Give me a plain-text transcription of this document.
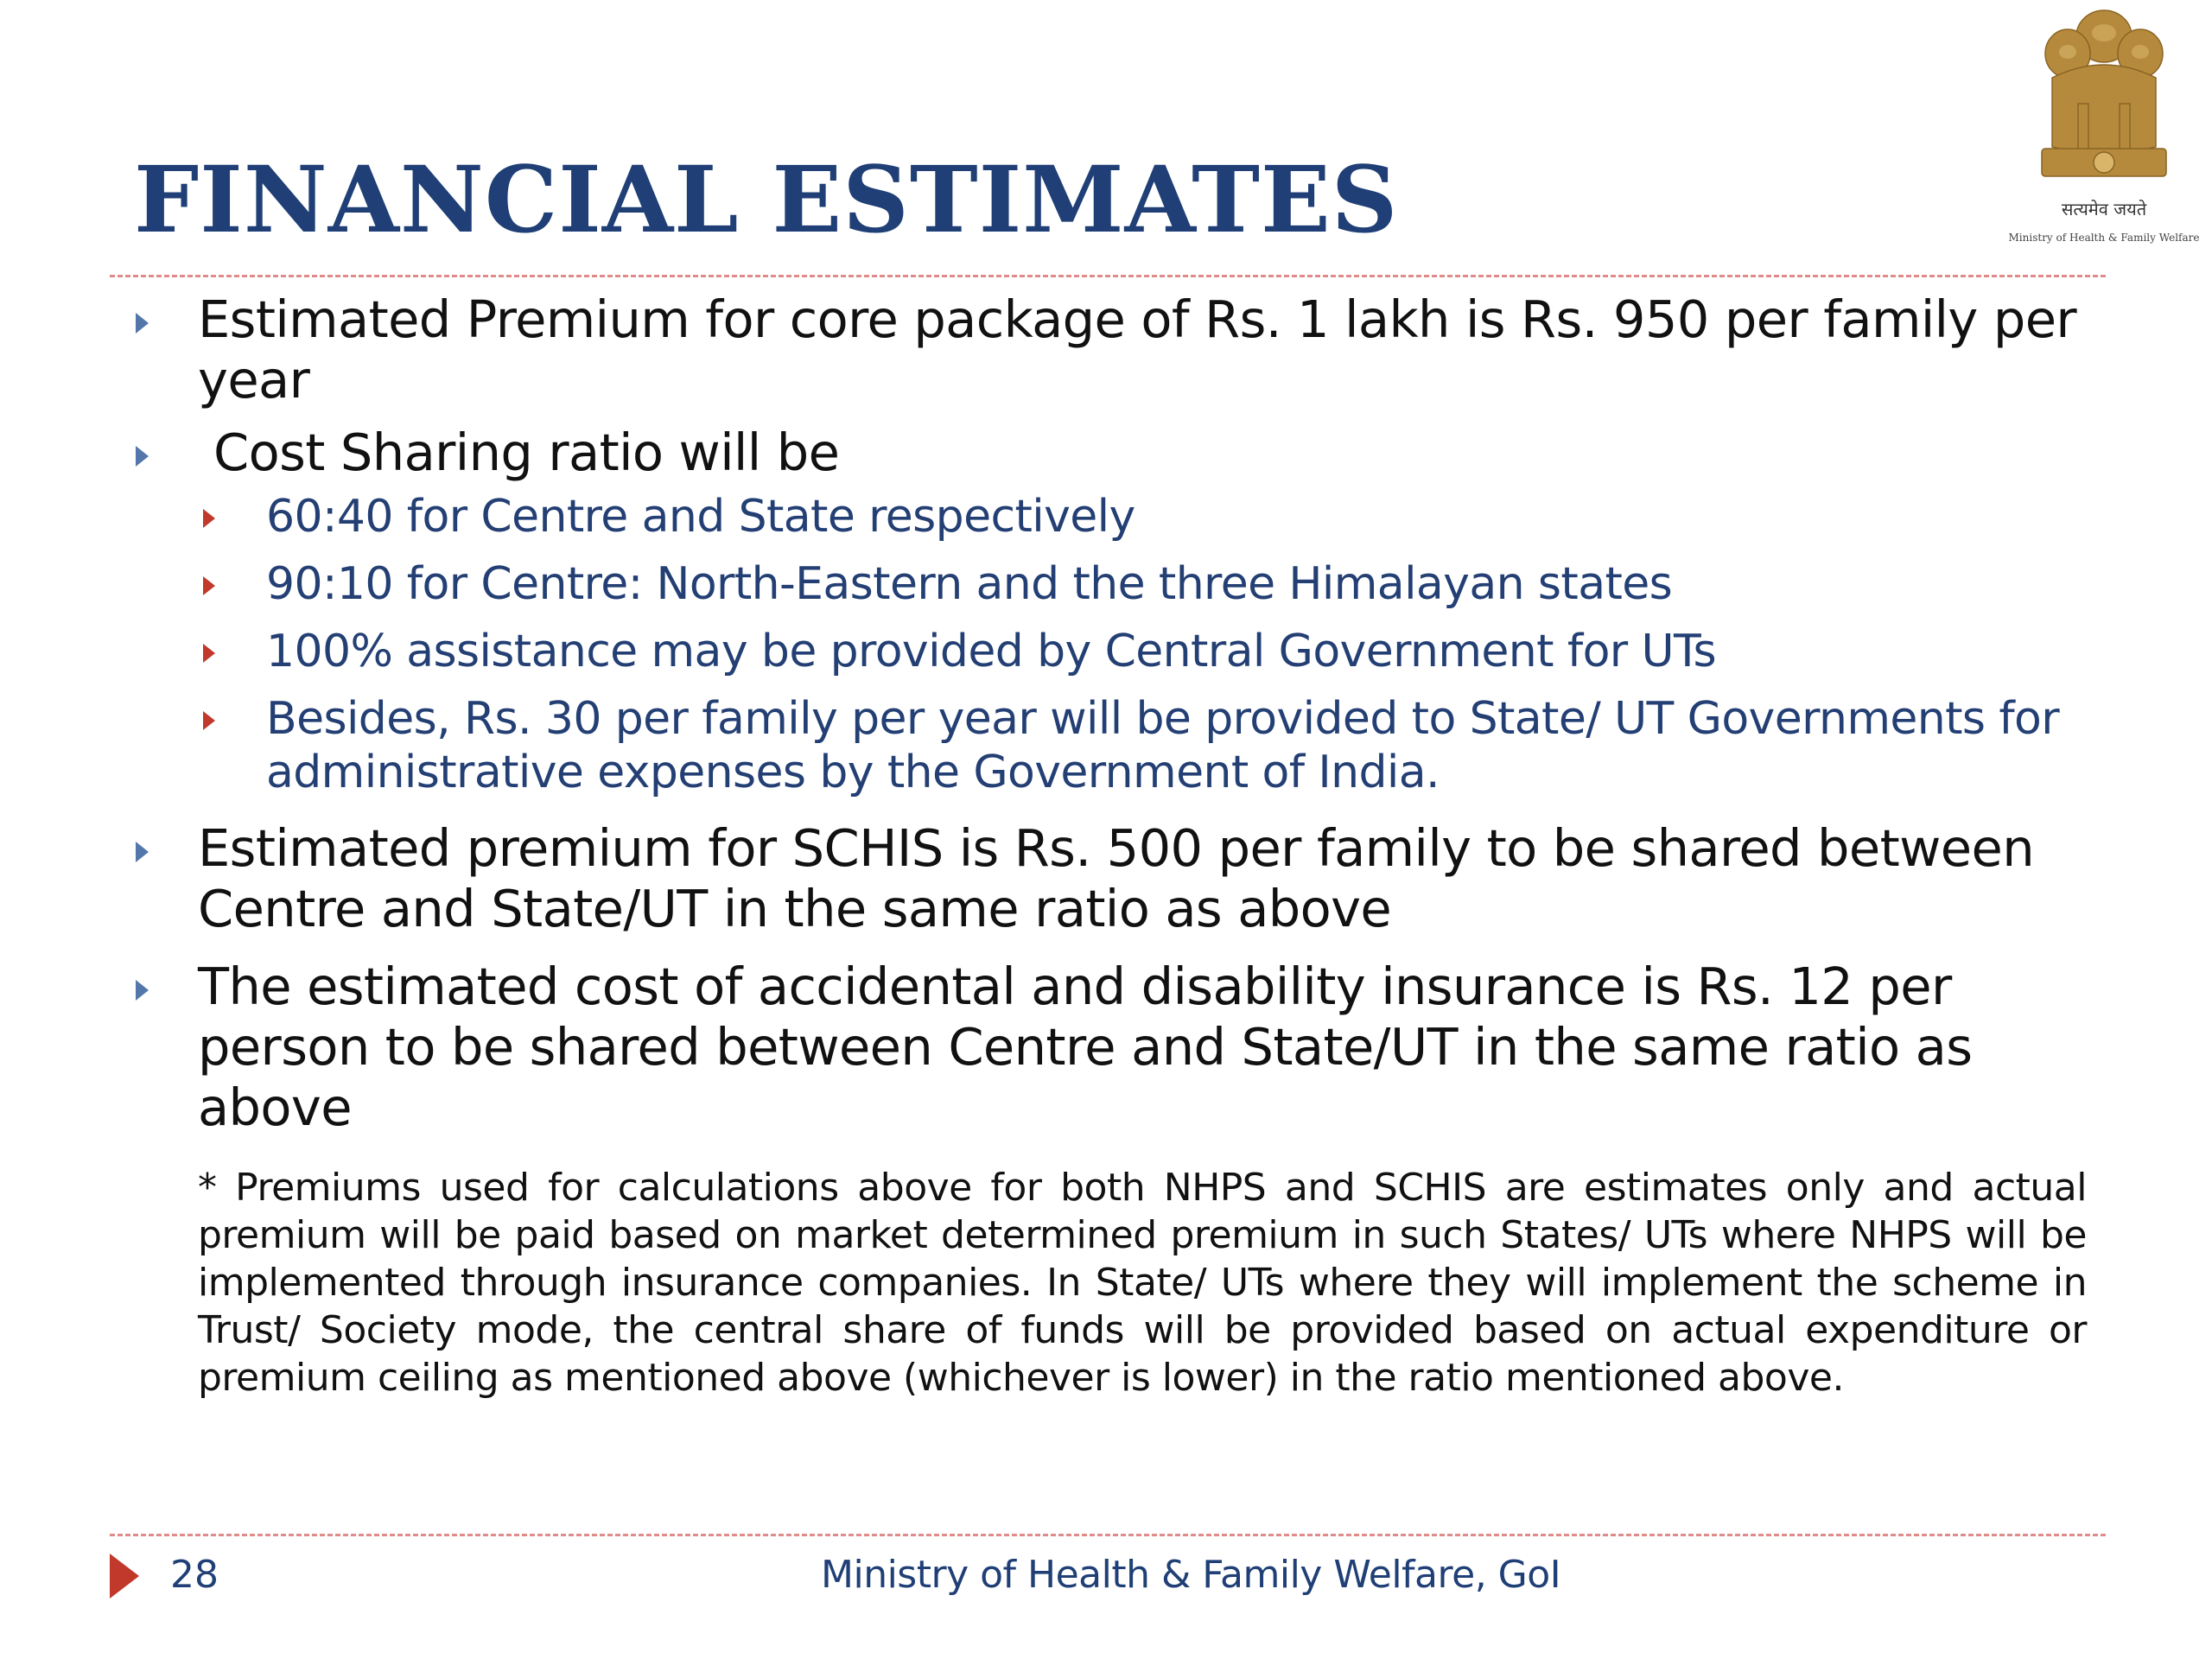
FINANCIAL ESTIMATES	सत्यमेव जयते
Ministry of Health & Family Welfare
Estimated Premium for core package of Rs. 1 lakh is Rs. 950 per family per year
Cost Sharing ratio will be
60:40 for Centre and State respectively
90:10 for Centre: North-Eastern and the three Himalayan states
100% assistance may be provided by Central Government for UTs
Besides, Rs. 30 per family per year will be provided to State/ UT Governments for administrative expenses by the Government of India.
Estimated premium for SCHIS is Rs. 500 per family to be shared between Centre and State/UT in the same ratio as above
The estimated cost of accidental and disability insurance is Rs. 12 per person to be shared between Centre and State/UT in the same ratio as above
* Premiums used for calculations above for both NHPS and SCHIS are estimates only and actual premium will be paid based on market determined premium in such States/ UTs where NHPS will be implemented through insurance companies. In State/ UTs where they will implement the scheme in Trust/ Society mode, the central share of funds will be provided based on actual expenditure or premium ceiling as mentioned above (whichever is lower) in the ratio mentioned above.
28	Ministry of Health & Family Welfare, GoI
